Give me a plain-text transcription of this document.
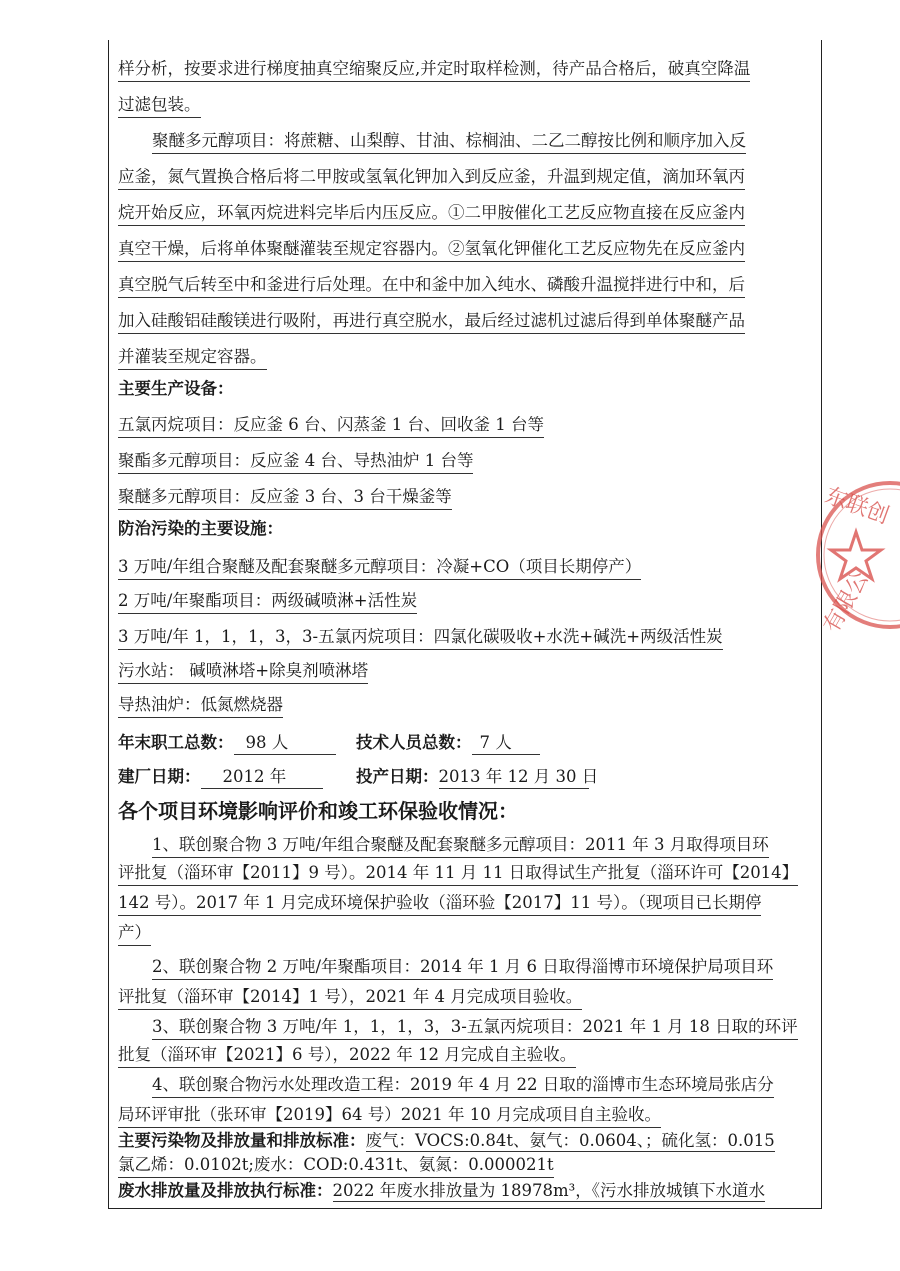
样分析，按要求进行梯度抽真空缩聚反应,并定时取样检测，待产品合格后，破真空降温
过滤包装。
聚醚多元醇项目：将蔗糖、山梨醇、甘油、棕榈油、二乙二醇按比例和顺序加入反
应釜，氮气置换合格后将二甲胺或氢氧化钾加入到反应釜，升温到规定值，滴加环氧丙
烷开始反应，环氧丙烷进料完毕后内压反应。①二甲胺催化工艺反应物直接在反应釜内
真空干燥，后将单体聚醚灌装至规定容器内。②氢氧化钾催化工艺反应物先在反应釜内
真空脱气后转至中和釜进行后处理。在中和釜中加入纯水、磷酸升温搅拌进行中和，后
加入硅酸铝硅酸镁进行吸附，再进行真空脱水，最后经过滤机过滤后得到单体聚醚产品
并灌装至规定容器。
主要生产设备：
五氯丙烷项目：反应釜 6 台、闪蒸釜 1 台、回收釜 1 台等
聚酯多元醇项目：反应釜 4 台、导热油炉 1 台等
聚醚多元醇项目：反应釜 3 台、3 台干燥釜等
防治污染的主要设施：
3 万吨/年组合聚醚及配套聚醚多元醇项目：冷凝+CO（项目长期停产）
2 万吨/年聚酯项目：两级碱喷淋+活性炭
3 万吨/年 1，1，1，3，3-五氯丙烷项目：四氯化碳吸收+水洗+碱洗+两级活性炭
污水站： 碱喷淋塔+除臭剂喷淋塔
导热油炉：低氮燃烧器
年末职工总数： 98 人	技术人员总数： 7 人
建厂日期： 2012 年	投产日期：2013 年 12 月 30 日
各个项目环境影响评价和竣工环保验收情况：
1、联创聚合物 3 万吨/年组合聚醚及配套聚醚多元醇项目：2011 年 3 月取得项目环
评批复（淄环审【2011】9 号）。2014 年 11 月 11 日取得试生产批复（淄环许可【2014】
142 号）。2017 年 1 月完成环境保护验收（淄环验【2017】11 号）。（现项目已长期停
产）
2、联创聚合物 2 万吨/年聚酯项目：2014 年 1 月 6 日取得淄博市环境保护局项目环
评批复（淄环审【2014】1 号），2021 年 4 月完成项目验收。
3、联创聚合物 3 万吨/年 1，1，1，3，3-五氯丙烷项目：2021 年 1 月 18 日取的环评
批复（淄环审【2021】6 号），2022 年 12 月完成自主验收。
4、联创聚合物污水处理改造工程：2019 年 4 月 22 日取的淄博市生态环境局张店分
局环评审批（张环审【2019】64 号）2021 年 10 月完成项目自主验收。
主要污染物及排放量和排放标准：废气：VOCS:0.84t、氨气：0.0604、；硫化氢：0.015
氯乙烯：0.0102t;废水：COD:0.431t、氨氮：0.000021t
废水排放量及排放执行标准：2022 年废水排放量为 18978m³，《污水排放城镇下水道水
东联创
有限公
